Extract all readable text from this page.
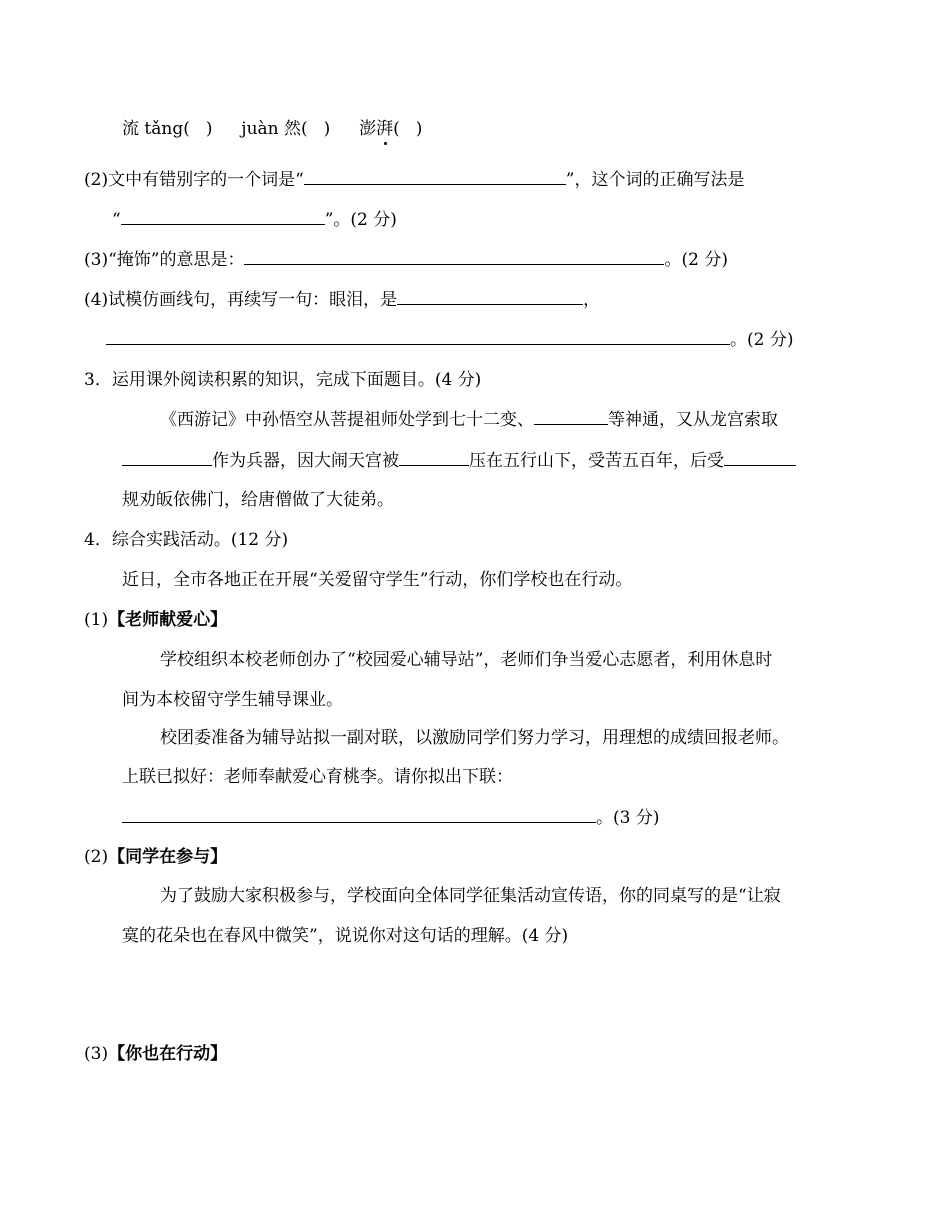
流 tǎng( ) juàn 然( ) 澎湃( )
(2)文中有错别字的一个词是“	”，这个词的正确写法是
“	”。(2 分)
(3)“掩饰”的意思是：	。(2 分)
(4)试模仿画线句，再续写一句：眼泪，是	，
。(2 分)
3．运用课外阅读积累的知识，完成下面题目。(4 分)
《西游记》中孙悟空从菩提祖师处学到七十二变、	等神通，又从龙宫索取
作为兵器，因大闹天宫被	压在五行山下，受苦五百年，后受
规劝皈依佛门，给唐僧做了大徒弟。
4．综合实践活动。(12 分)
近日，全市各地正在开展“关爱留守学生”行动，你们学校也在行动。
(1)【老师献爱心】
学校组织本校老师创办了“校园爱心辅导站”，老师们争当爱心志愿者，利用休息时
间为本校留守学生辅导课业。
校团委准备为辅导站拟一副对联，以激励同学们努力学习，用理想的成绩回报老师。
上联已拟好：老师奉献爱心育桃李。请你拟出下联：
。(3 分)
(2)【同学在参与】
为了鼓励大家积极参与，学校面向全体同学征集活动宣传语，你的同桌写的是“让寂
寞的花朵也在春风中微笑”，说说你对这句话的理解。(4 分)
(3)【你也在行动】
